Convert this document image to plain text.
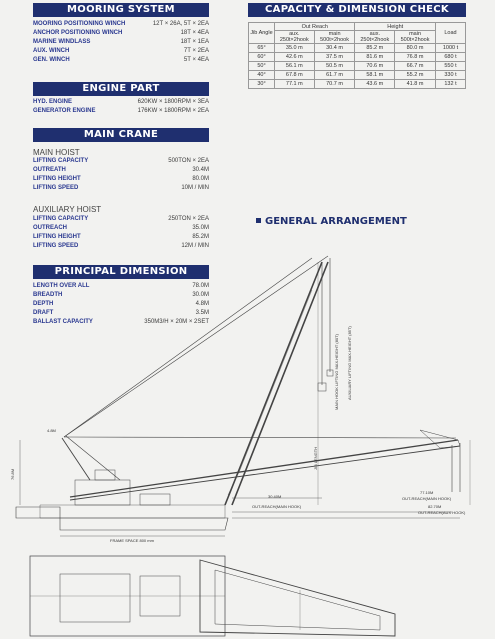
MOORING SYSTEM
MOORING POSITIONING WINCH	12T × 26A, 5T × 2EA
ANCHOR POSITIONING WINCH	18T × 4EA
MARINE WINDLASS	18T × 1EA
AUX. WINCH	7T × 2EA
GEN. WINCH	5T × 4EA
ENGINE PART
HYD. ENGINE	620KW × 1800RPM × 3EA
GENERATOR ENGINE	176KW × 1800RPM × 2EA
MAIN CRANE
MAIN HOIST
LIFTING CAPACITY	500TON × 2EA
OUTREATH	30.4M
LIFTING HEIGHT	80.0M
LIFTING SPEED	10M / MIN
AUXILIARY HOIST
LIFTING CAPACITY	250TON × 2EA
OUTREACH	35.0M
LIFTING HEIGHT	85.2M
LIFTING SPEED	12M / MIN
PRINCIPAL DIMENSION
LENGTH OVER ALL	78.0M
BREADTH	30.0M
DEPTH	4.8M
DRAFT	3.5M
BALLAST CAPACITY	350M3/H × 20M × 2SET
CAPACITY & DIMENSION CHECK
Jib Angle	Out Reach		Height		Load
	aux. 250t×2hook	main 500t×2hook	aux. 250t×2hook	main 500t×2hook	
65°	35.0 m	30.4 m	85.2 m	80.0 m	1000 t
60°	42.6 m	37.5 m	81.6 m	76.8 m	680 t
50°	56.1 m	50.5 m	70.6 m	66.7 m	550 t
40°	67.8 m	61.7 m	58.1 m	55.2 m	330 t
30°	77.1 m	70.7 m	43.6 m	41.8 m	132 t
GENERAL ARRANGEMENT
30.40M
OUT-REACH(MAIN HOOK)
77.10M
OUT-REACH(MAIN HOOK)
82.70M
OUT-REACH(AUX HOOK)
FRAME SPACE 800 mm
4.8M
76.8M
MAIN HOOK LIFTING MAX.HEIGHT (80T) AUXILIARY LIFTING MAX.HEIGHT (85T)
JIB LENGTH
